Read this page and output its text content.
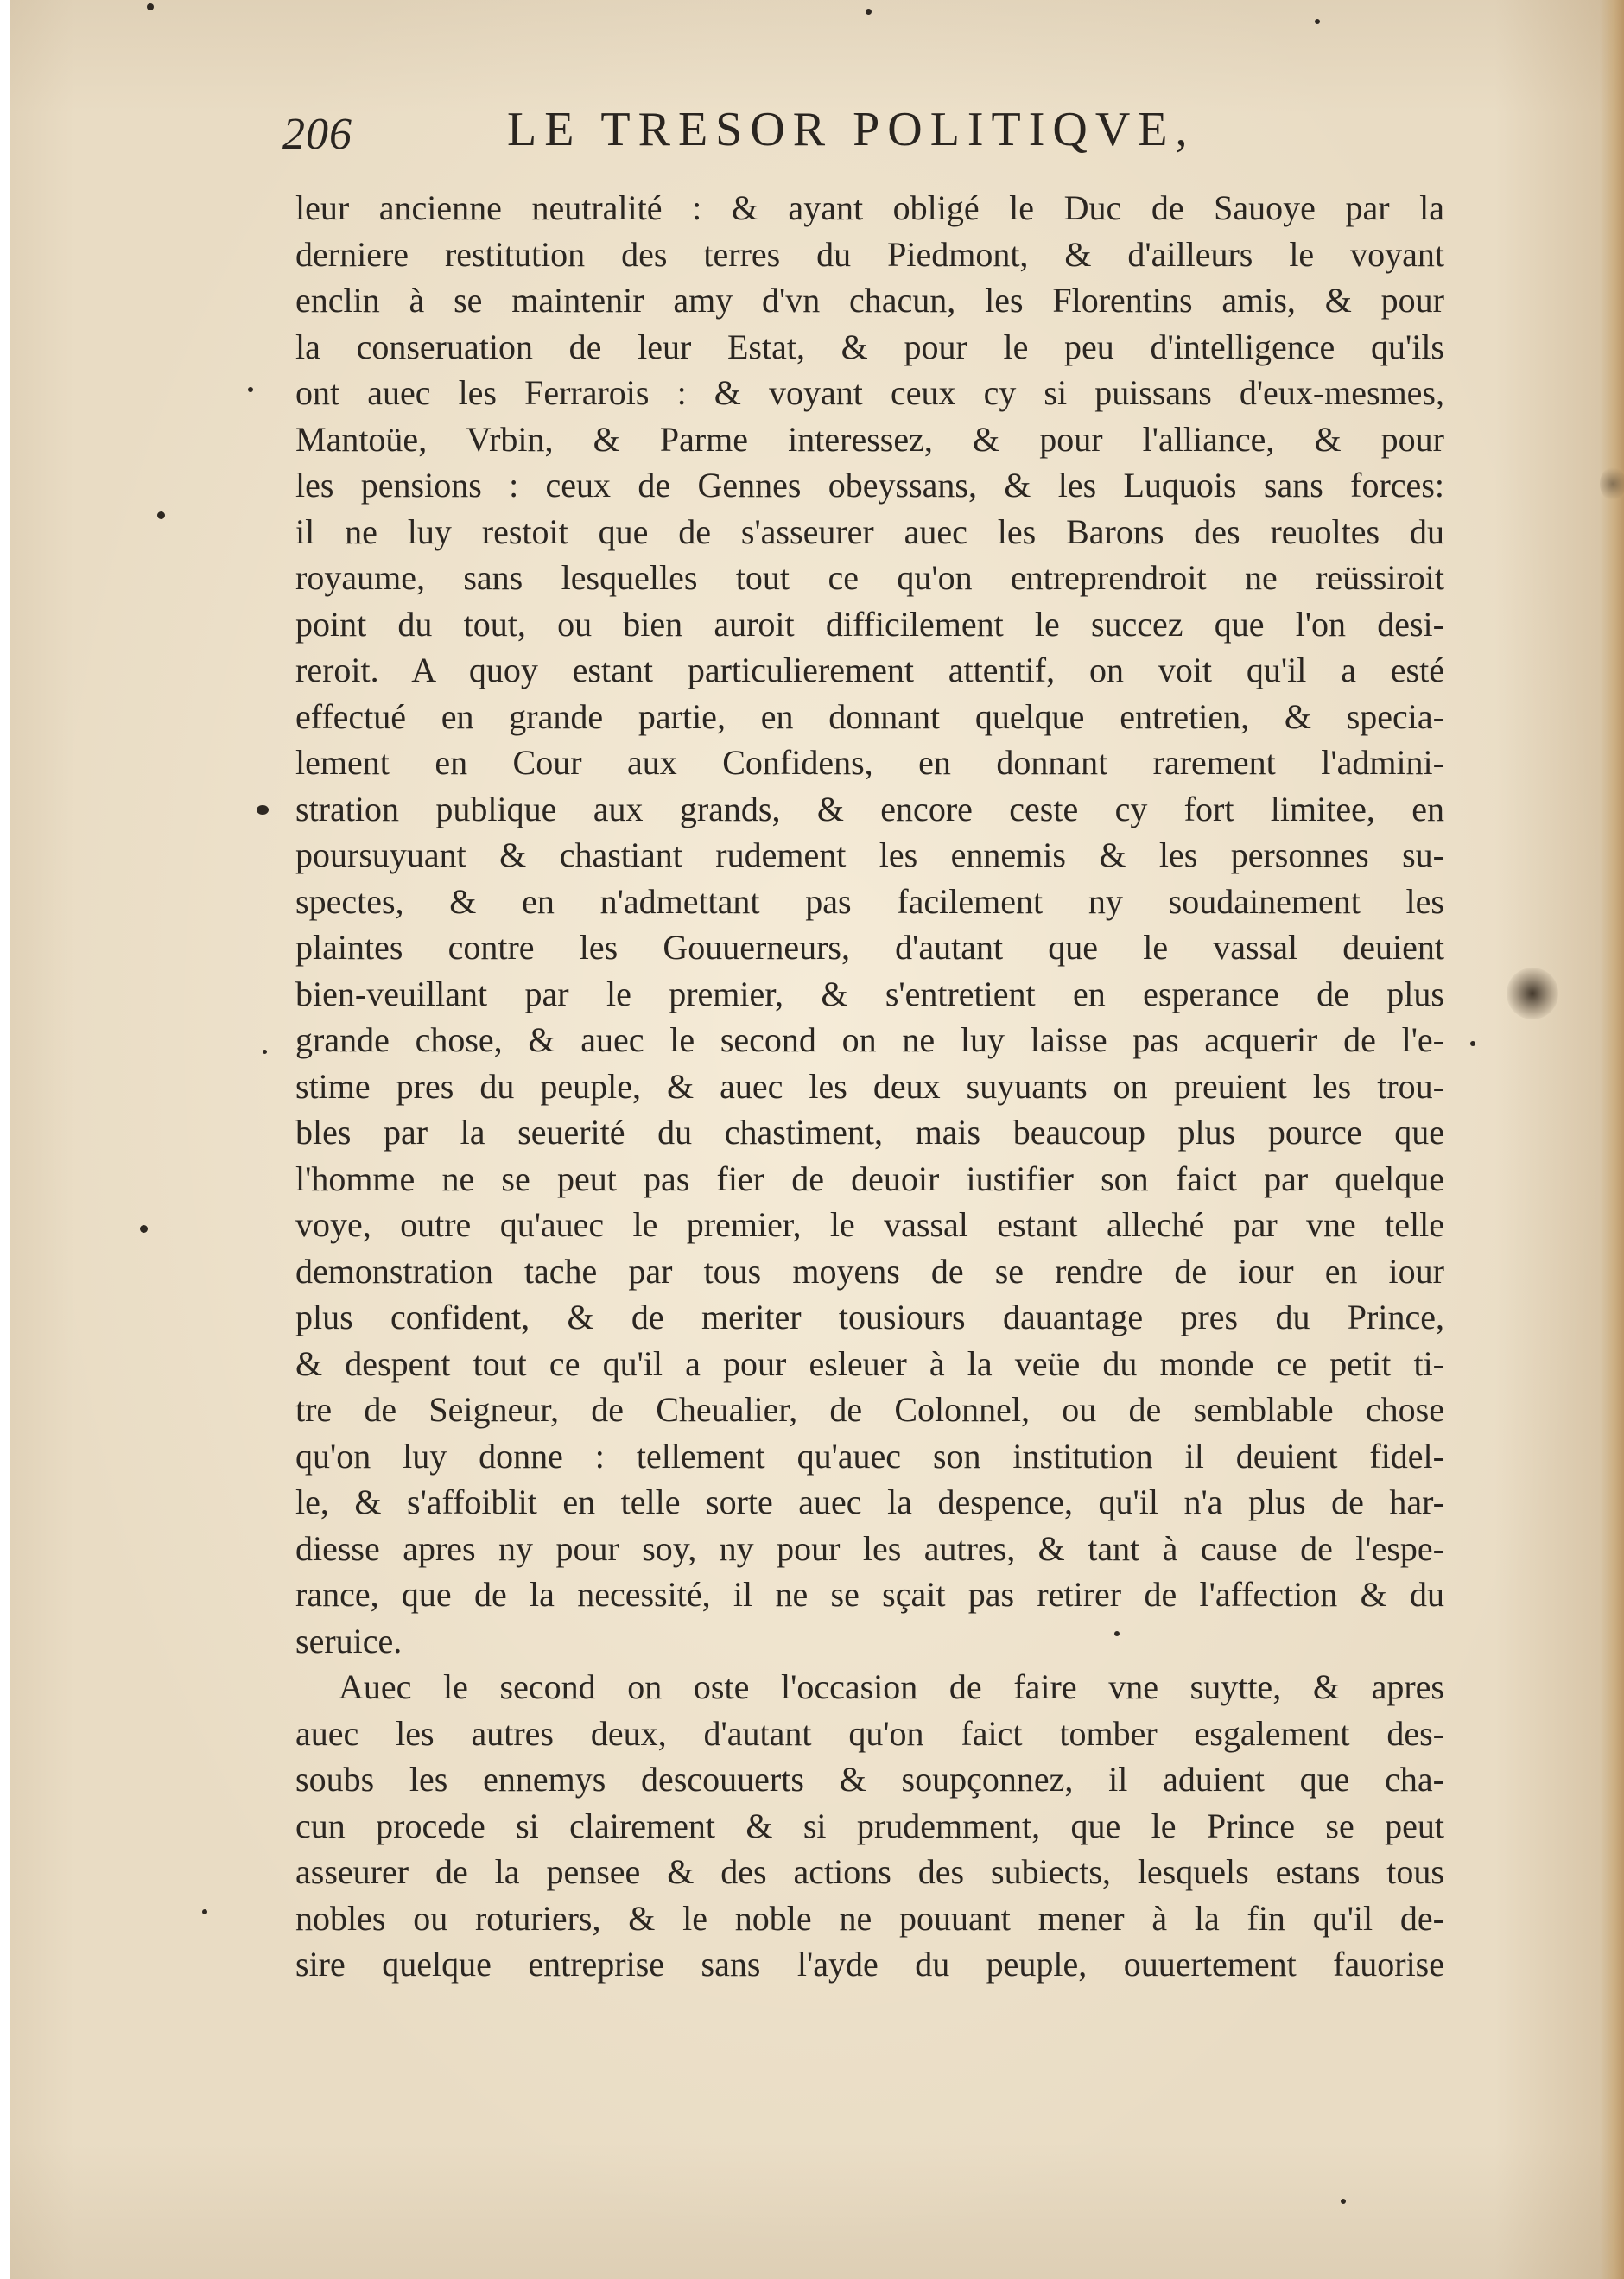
206	LE TRESOR POLITIQVE,
leur ancienne neutralité : & ayant obligé le Duc de Sauoye par la
derniere restitution des terres du Piedmont, & d'ailleurs le voyant
enclin à se maintenir amy d'vn chacun, les Florentins amis, & pour
la conseruation de leur Estat, & pour le peu d'intelligence qu'ils
ont auec les Ferrarois : & voyant ceux cy si puissans d'eux-mesmes,
Mantoüe, Vrbin, & Parme interessez, & pour l'alliance, & pour
les pensions : ceux de Gennes obeyssans, & les Luquois sans forces:
il ne luy restoit que de s'asseurer auec les Barons des reuoltes du
royaume, sans lesquelles tout ce qu'on entreprendroit ne reüssiroit
point du tout, ou bien auroit difficilement le succez que l'on desi-
reroit. A quoy estant particulierement attentif, on voit qu'il a esté
effectué en grande partie, en donnant quelque entretien, & specia-
lement en Cour aux Confidens, en donnant rarement l'admini-
stration publique aux grands, & encore ceste cy fort limitee, en
poursuyuant & chastiant rudement les ennemis & les personnes su-
spectes, & en n'admettant pas facilement ny soudainement les
plaintes contre les Gouuerneurs, d'autant que le vassal deuient
bien-veuillant par le premier, & s'entretient en esperance de plus
grande chose, & auec le second on ne luy laisse pas acquerir de l'e-
stime pres du peuple, & auec les deux suyuants on preuient les trou-
bles par la seuerité du chastiment, mais beaucoup plus pource que
l'homme ne se peut pas fier de deuoir iustifier son faict par quelque
voye, outre qu'auec le premier, le vassal estant alleché par vne telle
demonstration tache par tous moyens de se rendre de iour en iour
plus confident, & de meriter tousiours dauantage pres du Prince,
& despent tout ce qu'il a pour esleuer à la veüe du monde ce petit ti-
tre de Seigneur, de Cheualier, de Colonnel, ou de semblable chose
qu'on luy donne : tellement qu'auec son institution il deuient fidel-
le, & s'affoiblit en telle sorte auec la despence, qu'il n'a plus de har-
diesse apres ny pour soy, ny pour les autres, & tant à cause de l'espe-
rance, que de la necessité, il ne se sçait pas retirer de l'affection & du
seruice.
Auec le second on oste l'occasion de faire vne suytte, & apres
auec les autres deux, d'autant qu'on faict tomber esgalement des-
soubs les ennemys descouuerts & soupçonnez, il aduient que cha-
cun procede si clairement & si prudemment, que le Prince se peut
asseurer de la pensee & des actions des subiects, lesquels estans tous
nobles ou roturiers, & le noble ne pouuant mener à la fin qu'il de-
sire quelque entreprise sans l'ayde du peuple, ouuertement fauorise
